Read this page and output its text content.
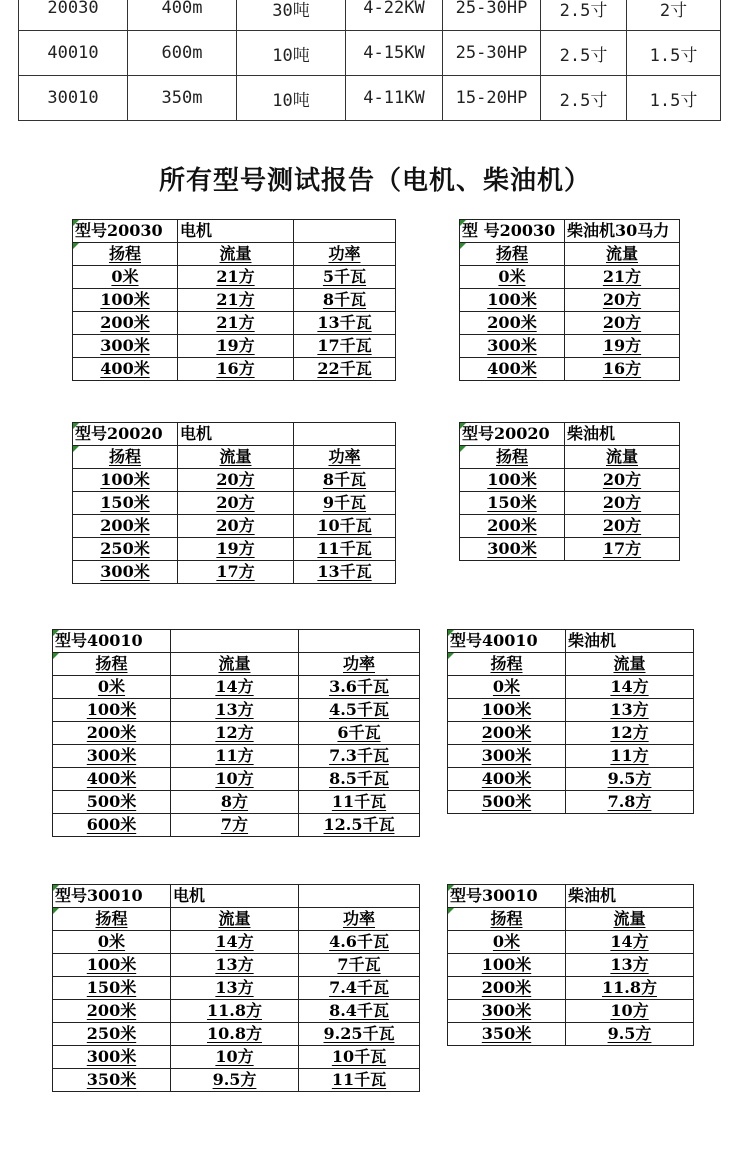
20030	400m	30吨	4-22KW	25-30HP	2.5寸	2寸
40010	600m	10吨	4-15KW	25-30HP	2.5寸	1.5寸
30010	350m	10吨	4-11KW	15-20HP	2.5寸	1.5寸
所有型号测试报告（电机、柴油机）
型号20030	电机	
扬程	流量	功率
0米	21方	5千瓦
100米	21方	8千瓦
200米	21方	13千瓦
300米	19方	17千瓦
400米	16方	22千瓦
型 号20030	柴油机30马力
扬程	流量
0米	21方
100米	20方
200米	20方
300米	19方
400米	16方
型号20020	电机	
扬程	流量	功率
100米	20方	8千瓦
150米	20方	9千瓦
200米	20方	10千瓦
250米	19方	11千瓦
300米	17方	13千瓦
型号20020	柴油机
扬程	流量
100米	20方
150米	20方
200米	20方
300米	17方
型号40010		
扬程	流量	功率
0米	14方	3.6千瓦
100米	13方	4.5千瓦
200米	12方	6千瓦
300米	11方	7.3千瓦
400米	10方	8.5千瓦
500米	8方	11千瓦
600米	7方	12.5千瓦
型号40010	柴油机
扬程	流量
0米	14方
100米	13方
200米	12方
300米	11方
400米	9.5方
500米	7.8方
型号30010	电机	
扬程	流量	功率
0米	14方	4.6千瓦
100米	13方	7千瓦
150米	13方	7.4千瓦
200米	11.8方	8.4千瓦
250米	10.8方	9.25千瓦
300米	10方	10千瓦
350米	9.5方	11千瓦
型号30010	柴油机
扬程	流量
0米	14方
100米	13方
200米	11.8方
300米	10方
350米	9.5方
